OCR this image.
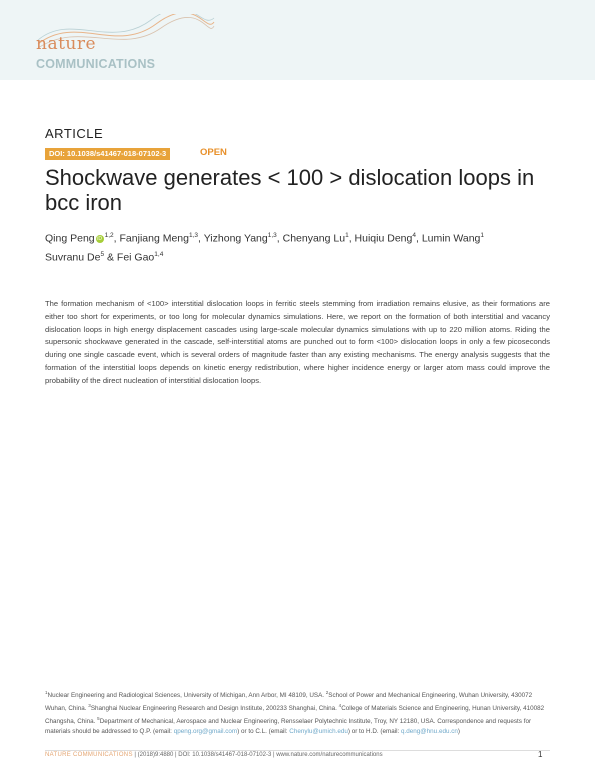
nature
COMMUNICATIONS
ARTICLE
DOI: 10.1038/s41467-018-07102-3	OPEN
Shockwave generates < 100 > dislocation loops in bcc iron
Qing Peng iD $^{1,2}$, Fanjiang Meng$^{1,3}$, Yizhong Yang$^{1,3}$, Chenyang Lu$^1$, Huiqiu Deng$^4$, Lumin Wang$^1$
Suvranu De$^5$ & Fei Gao$^{1,4}$
The formation mechanism of <100> interstitial dislocation loops in ferritic steels stemming from irradiation remains elusive, as their formations are either too short for experiments, or too long for molecular dynamics simulations. Here, we report on the formation of both interstitial and vacancy dislocation loops in high energy displacement cascades using large-scale molecular dynamics simulations with up to 220 million atoms. Riding the supersonic shockwave generated in the cascade, self-interstitial atoms are punched out to form <100> dislocation loops in only a few picoseconds during one single cascade event, which is several orders of magnitude faster than any existing mechanisms. The energy analysis suggests that the formation of the interstitial loops depends on kinetic energy redistribution, where higher incidence energy or larger atom mass could improve the probability of the direct nucleation of interstitial dislocation loops.
$^1$Nuclear Engineering and Radiological Sciences, University of Michigan, Ann Arbor, MI 48109, USA. $^2$School of Power and Mechanical Engineering, Wuhan University, 430072 Wuhan, China. $^3$Shanghai Nuclear Engineering Research and Design Institute, 200233 Shanghai, China. $^4$College of Materials Science and Engineering, Hunan University, 410082 Changsha, China. $^5$Department of Mechanical, Aerospace and Nuclear Engineering, Rensselaer Polytechnic Institute, Troy, NY 12180, USA. Correspondence and requests for materials should be addressed to Q.P. (email: qpeng.org@gmail.com) or to C.L. (email: Chenylu@umich.edu) or to H.D. (email: q.deng@hnu.edu.cn)
NATURE COMMUNICATIONS | (2018)9:4880 | DOI: 10.1038/s41467-018-07102-3 | www.nature.com/naturecommunications	1
